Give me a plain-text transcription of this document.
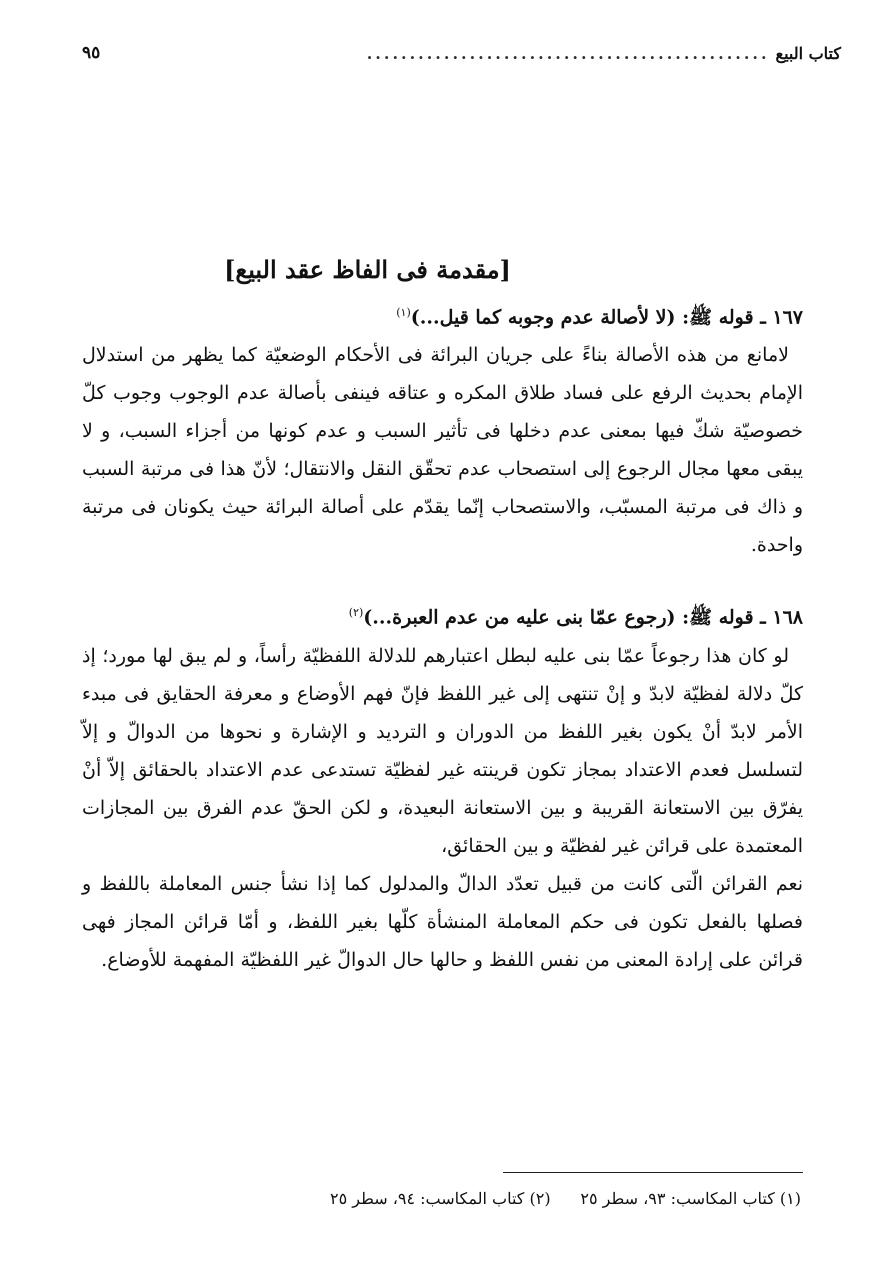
كتاب البيع
...............................................
٩٥
[مقدمة فى الفاظ عقد البيع]
١٦٧ ـ قوله ﷺ: (لا لأصالة عدم وجوبه كما قيل...)$^{(١)}$

لامانع من هذه الأصالة بناءً على جريان البرائة فى الأحكام الوضعيّة كما يظهر من استدلال الإمام بحديث الرفع على فساد طلاق المكره و عتاقه فينفى بأصالة عدم الوجوب وجوب كلّ خصوصيّة شكّ فيها بمعنى عدم دخلها فى تأثير السبب و عدم كونها من أجزاء السبب، و لا يبقى معها مجال الرجوع إلى استصحاب عدم تحقّق النقل والانتقال؛ لأنّ هذا فى مرتبة السبب و ذاك فى مرتبة المسبّب، والاستصحاب إنّما يقدّم على أصالة البرائة حيث يكونان فى مرتبة واحدة.

١٦٨ ـ قوله ﷺ: (رجوع عمّا بنى عليه من عدم العبرة...)$^{(٢)}$

لو كان هذا رجوعاً عمّا بنى عليه لبطل اعتبارهم للدلالة اللفظيّة رأساً، و لم يبق لها مورد؛ إذ كلّ دلالة لفظيّة لابدّ و إنْ تنتهى إلى غير اللفظ فإنّ فهم الأوضاع و معرفة الحقايق فى مبدء الأمر لابدّ أنْ يكون بغير اللفظ من الدوران و الترديد و الإشارة و نحوها من الدوالّ و إلاّ لتسلسل فعدم الاعتداد بمجاز تكون قرينته غير لفظيّة تستدعى عدم الاعتداد بالحقائق إلاّ أنْ يفرّق بين الاستعانة القريبة و بين الاستعانة البعيدة، و لكن الحقّ عدم الفرق بين المجازات المعتمدة على قرائن غير لفظيّة و بين الحقائق،

نعم القرائن الّتى كانت من قبيل تعدّد الدالّ والمدلول كما إذا نشأ جنس المعاملة باللفظ و فصلها بالفعل تكون فى حكم المعاملة المنشأة كلّها بغير اللفظ، و أمّا قرائن المجاز فهى قرائن على إرادة المعنى من نفس اللفظ و حالها حال الدوالّ غير اللفظيّة المفهمة للأوضاع.

(١) كتاب المكاسب: ٩٣، سطر ٢٥
(٢) كتاب المكاسب: ٩٤، سطر ٢٥
